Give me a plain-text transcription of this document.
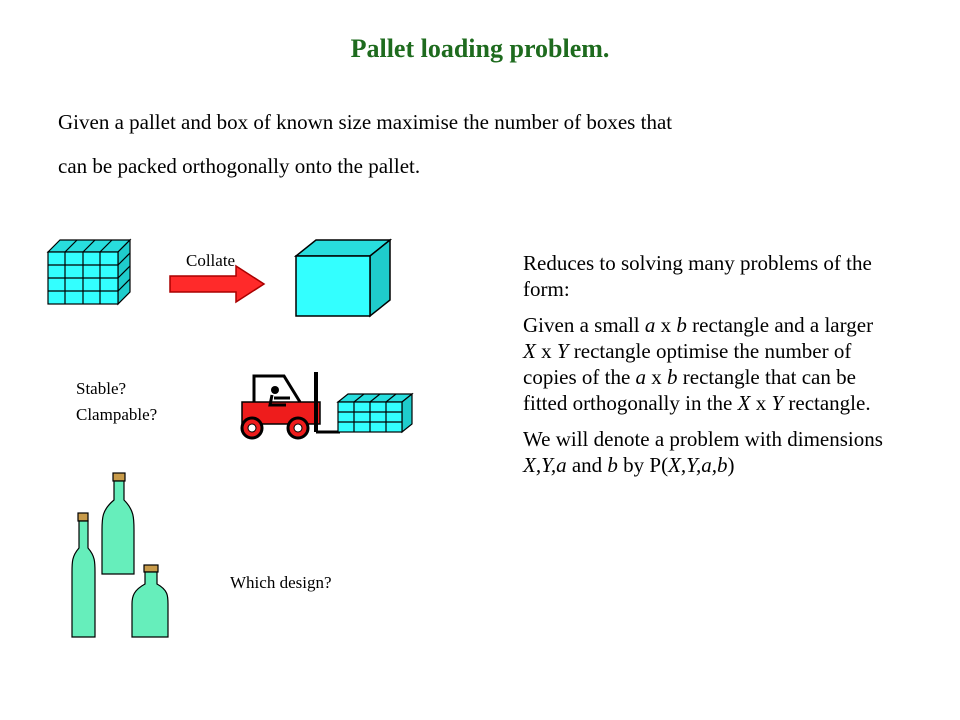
Pallet loading problem.
Given a pallet and box of known size maximise the number of boxes that
can be packed orthogonally onto the pallet.
Collate
Stable?
Clampable?
Which design?

Reduces to solving many problems of the form:

Given a small a x b rectangle and a larger X x Y rectangle optimise the number of copies of the a x b rectangle that can be fitted orthogonally in the X x Y rectangle.

We will denote a problem with dimensions X,Y,a and b by P(X,Y,a,b)
